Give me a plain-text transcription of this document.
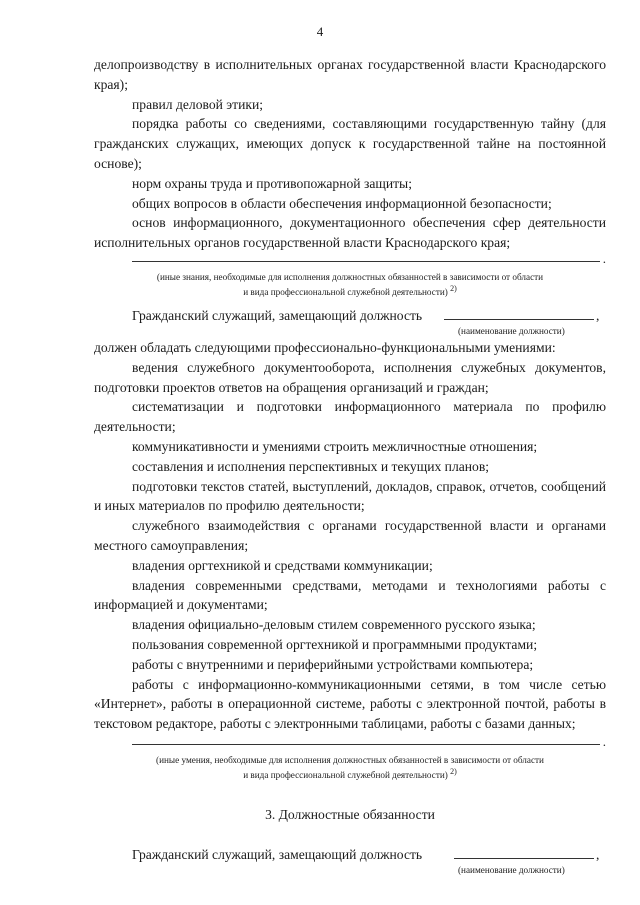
4

делопроизводству в исполнительных органах государственной власти Краснодарского края);

правил деловой этики;

порядка работы со сведениями, составляющими государственную тайну (для гражданских служащих, имеющих допуск к государственной тайне на постоянной основе);

норм охраны труда и противопожарной защиты;

общих вопросов в области обеспечения информационной безопасности;

основ информационного, документационного обеспечения сфер деятельности исполнительных органов государственной власти Краснодарского края;

.
(иные знания, необходимые для исполнения должностных обязанностей в зависимости от области
и вида профессиональной служебной деятельности) $^{2)}$
Гражданский служащий, замещающий должность	,
(наименование должности)

должен обладать следующими профессионально-функциональными умениями:

ведения служебного документооборота, исполнения служебных документов, подготовки проектов ответов на обращения организаций и граждан;

систематизации и подготовки информационного материала по профилю деятельности;

коммуникативности и умениями строить межличностные отношения;

составления и исполнения перспективных и текущих планов;

подготовки текстов статей, выступлений, докладов, справок, отчетов, сообщений и иных материалов по профилю деятельности;

служебного взаимодействия с органами государственной власти и органами местного самоуправления;

владения оргтехникой и средствами коммуникации;

владения современными средствами, методами и технологиями работы с информацией и документами;

владения официально-деловым стилем современного русского языка;

пользования современной оргтехникой и программными продуктами;

работы с внутренними и периферийными устройствами компьютера;

работы с информационно-коммуникационными сетями, в том числе сетью «Интернет», работы в операционной системе, работы с электронной почтой, работы в текстовом редакторе, работы с электронными таблицами, работы с базами данных;

.
(иные умения, необходимые для исполнения должностных обязанностей в зависимости от области
и вида профессиональной служебной деятельности) $^{2)}$
3. Должностные обязанности
Гражданский служащий, замещающий должность	,
(наименование должности)
